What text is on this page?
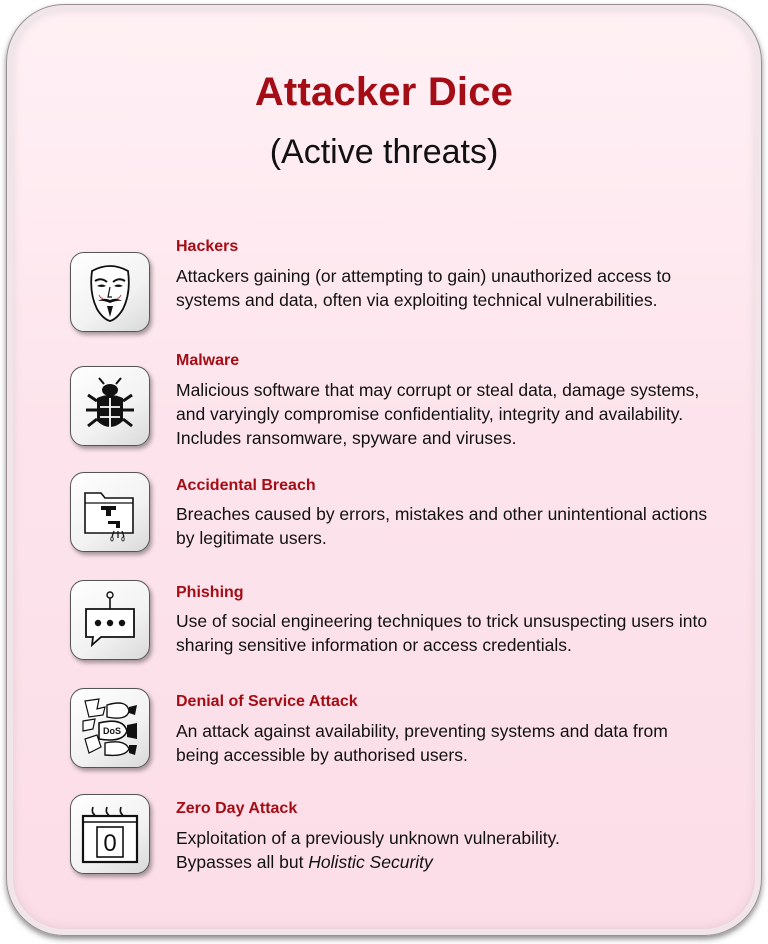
Attacker Dice
(Active threats)
Hackers
Attackers gaining (or attempting to gain) unauthorized access to systems and data, often via exploiting technical vulnerabilities.
Malware
Malicious software that may corrupt or steal data, damage systems, and varyingly compromise confidentiality, integrity and availability. Includes ransomware, spyware and viruses.
Accidental Breach
Breaches caused by errors, mistakes and other unintentional actions by legitimate users.
Phishing
Use of social engineering techniques to trick unsuspecting users into sharing sensitive information or access credentials.
DoS
Denial of Service Attack
An attack against availability, preventing systems and data from being accessible by authorised users.
0
Zero Day Attack
Exploitation of a previously unknown vulnerability.
Bypasses all but Holistic Security
